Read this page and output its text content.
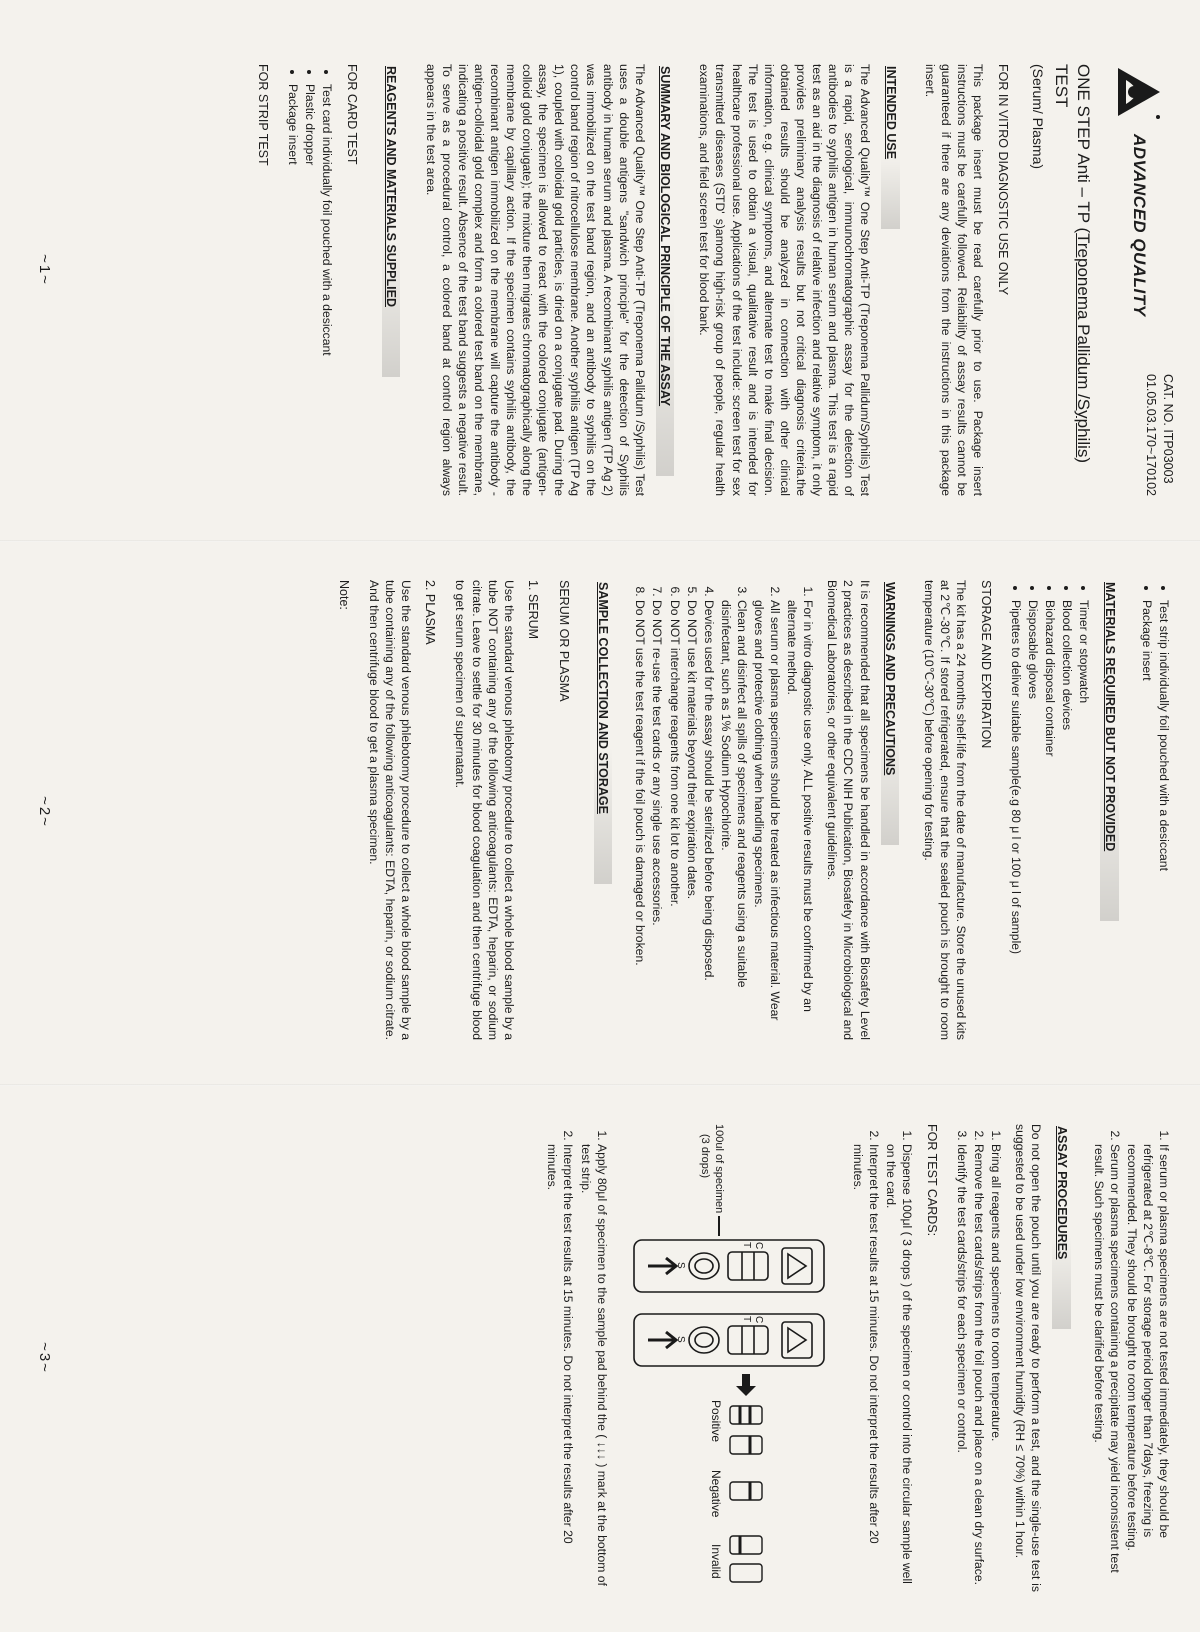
CAT. NO. ITP03003
01.05.03.170~170102
ADVANCED QUALITY
ONE STEP Anti – TP (Treponema Pallidum /Syphilis) TEST
(Serum/ Plasma)
FOR IN VITRO DIAGNOSTIC USE ONLY

This package insert must be read carefully prior to use. Package insert instructions must be carefully followed. Reliability of assay results cannot be guaranteed if there are any deviations from the instructions in this package insert.

INTENDED USE

The Advanced Quality™ One Step Anti-TP (Treponema Pallidum/Syphilis) Test is a rapid, serological, immunochromatographic assay for the detection of antibodies to syphilis antigen in human serum and plasma. This test is a rapid test as an aid in the diagnosis of relative infection and relative symptom, it only provides preliminary analysis results but not critical diagnosis criteria.the obtained results should be analyzed in connection with other clinical information, e.g. clinical symptoms, and alternate test to make final decision. The test is used to obtain a visual, qualitative result and is intended for healthcare professional use. Applications of the test include: screen test for sex transmitted diseases (STD' s)among high-risk group of people, regular health examinations, and field screen test for blood bank.

SUMMARY AND BIOLOGICAL PRINCIPLE OF THE ASSAY

The Advanced Quality™ One Step Anti-TP (Treponema Pallidum /Syphilis) Test uses a double antigens "sandwich principle" for the detection of Syphilis antibody in human serum and plasma. A recombinant syphilis antigen (TP Ag 2) was immobilized on the test band region, and an antibody to syphilis on the control band region of nitrocellulose membrane. Another syphilis antigen (TP Ag 1), coupled with colloidal gold particles, is dried on a conjugate pad. During the assay, the specimen is allowed to react with the colored conjugate (antigen- colloid gold conjugate); the mixture then migrates chromatographically along the membrane by capillary action. If the specimen contains syphilis antibody, the recombinant antigen immobilized on the membrane will capture the antibody -antigen-colloidal gold complex and form a colored test band on the membrane, indicating a positive result. Absence of the test band suggests a negative result. To serve as a procedural control, a colored band at control region always appears in the test area.

REAGENTS AND MATERIALS SUPPLIED
FOR CARD TEST
• Test card individually foil pouched with a desiccant
• Plastic dropper
• Package insert
FOR STRIP TEST
~1~
• Test strip individually foil pouched with a desiccant
• Package insert
MATERIALS REQUIRED BUT NOT PROVIDED
• Timer or stopwatch
• Blood collection devices
• Biohazard disposal container
• Disposable gloves
• Pipettes to deliver suitable sample(e.g 80 μ l or 100 μ l of sample)
STORAGE AND EXPIRATION

The kit has a 24 months shelf-life from the date of manufacture. Store the unused kits at 2℃-30℃. If stored refrigerated, ensure that the sealed pouch is brought to room temperature (10℃-30℃) before opening for testing.

WARNINGS AND PRECAUTIONS

It is recommended that all specimens be handled in accordance with Biosafety Level 2 practices as described in the CDC NIH Publication, Biosafety in Microbiological and Biomedical Laboratories, or other equivalent guidelines.

1. For in vitro diagnostic use only. ALL positive results must be confirmed by an alternate method.
2. All serum or plasma specimens should be treated as infectious material. Wear gloves and protective clothing when handling specimens.
3. Clean and disinfect all spills of specimens and reagents using a suitable disinfectant, such as 1% Sodium Hypochlorite.
4. Devices used for the assay should be sterilized before being disposed.
5. Do NOT use kit materials beyond their expiration dates.
6. Do NOT interchange reagents from one kit lot to another.
7. Do NOT re-use the test cards or any single use accessories.
8. Do NOT use the test reagent if the foil pouch is damaged or broken.
SAMPLE COLLECTION AND STORAGE
SERUM OR PLASMA
1. SERUM

Use the standard venous phlebotomy procedure to collect a whole blood sample by a tube NOT containing any of the following anticoagulants: EDTA, heparin, or sodium citrate. Leave to settle for 30 minutes for blood coagulation and then centrifuge blood to get serum specimen of supernatant.

2. PLASMA

Use the standard venous phlebotomy procedure to collect a whole blood sample by a tube containing any of the following anticoagulants: EDTA, heparin, or sodium citrate. And then centrifuge blood to get a plasma specimen.

Note:
~2~
1. If serum or plasma specimens are not tested immediately, they should be refrigerated at 2℃-8℃. For storage period longer than 7days, freezing is recommended. They should be brought to room temperature before testing.
2. Serum or plasma specimens containing a precipitate may yield inconsistent test result. Such specimens must be clarified before testing.
ASSAY PROCEDURES

Do not open the pouch until you are ready to perform a test, and the single-use test is suggested to be used under low environment humidity (RH ≤ 70%) within 1 hour.

1. Bring all reagents and specimens to room temperature.
2. Remove the test cards/strips from the foil pouch and place on a clean dry surface.
3. Identify the test cards/strips for each specimen or control.
FOR TEST CARDS:
1. Dispense 100μl ( 3 drops ) of the specimen or control into the circular sample well on the card.
2. Interpret the test results at 15 minutes. Do not interpret the results after 20 minutes.
100ul of specimen
(3 drops)
C
T
S
C
T
S
Positive
Negative
Invalid
1. Apply 80μl of specimen to the sample pad behind the ( ↓↓↓ ) mark at the bottom of test strip.
2. Interpret the test results at 15 minutes. Do not interpret the results after 20 minutes.
~3~
